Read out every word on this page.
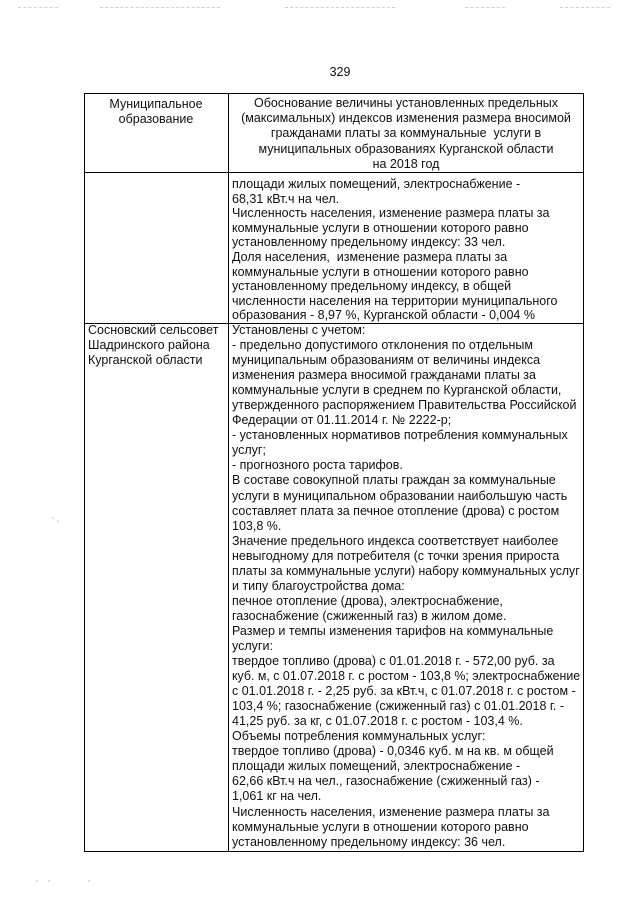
329
Муниципальное
образование
Обоснование величины установленных предельных
(максимальных) индексов изменения размера вносимой
гражданами платы за коммунальные  услуги в
муниципальных образованиях Курганской области
на 2018 год
площади жилых помещений, электроснабжение -
68,31 кВт.ч на чел.
Численность населения, изменение размера платы за
коммунальные услуги в отношении которого равно
установленному предельному индексу: 33 чел.
Доля населения,  изменение размера платы за
коммунальные услуги в отношении которого равно
установленному предельному индексу, в общей
численности населения на территории муниципального
образования - 8,97 %, Курганской области - 0,004 %
Сосновский сельсовет
Шадринского района
Курганской области
Установлены с учетом:
- предельно допустимого отклонения по отдельным
муниципальным образованиям от величины индекса
изменения размера вносимой гражданами платы за
коммунальные услуги в среднем по Курганской области,
утвержденного распоряжением Правительства Российской
Федерации от 01.11.2014 г. № 2222-р;
- установленных нормативов потребления коммунальных
услуг;
- прогнозного роста тарифов.
В составе совокупной платы граждан за коммунальные
услуги в муниципальном образовании наибольшую часть
составляет плата за печное отопление (дрова) с ростом
103,8 %.
Значение предельного индекса соответствует наиболее
невыгодному для потребителя (с точки зрения прироста
платы за коммунальные услуги) набору коммунальных услуг
и типу благоустройства дома:
печное отопление (дрова), электроснабжение,
газоснабжение (сжиженный газ) в жилом доме.
Размер и темпы изменения тарифов на коммунальные
услуги:
твердое топливо (дрова) с 01.01.2018 г. - 572,00 руб. за
куб. м, с 01.07.2018 г. с ростом - 103,8 %; электроснабжение
с 01.01.2018 г. - 2,25 руб. за кВт.ч, с 01.07.2018 г. с ростом -
103,4 %; газоснабжение (сжиженный газ) с 01.01.2018 г. -
41,25 руб. за кг, с 01.07.2018 г. с ростом - 103,4 %.
Объемы потребления коммунальных услуг:
твердое топливо (дрова) - 0,0346 куб. м на кв. м общей
площади жилых помещений, электроснабжение -
62,66 кВт.ч на чел., газоснабжение (сжиженный газ) -
1,061 кг на чел.
Численность населения, изменение размера платы за
коммунальные услуги в отношении которого равно
установленному предельному индексу: 36 чел.
